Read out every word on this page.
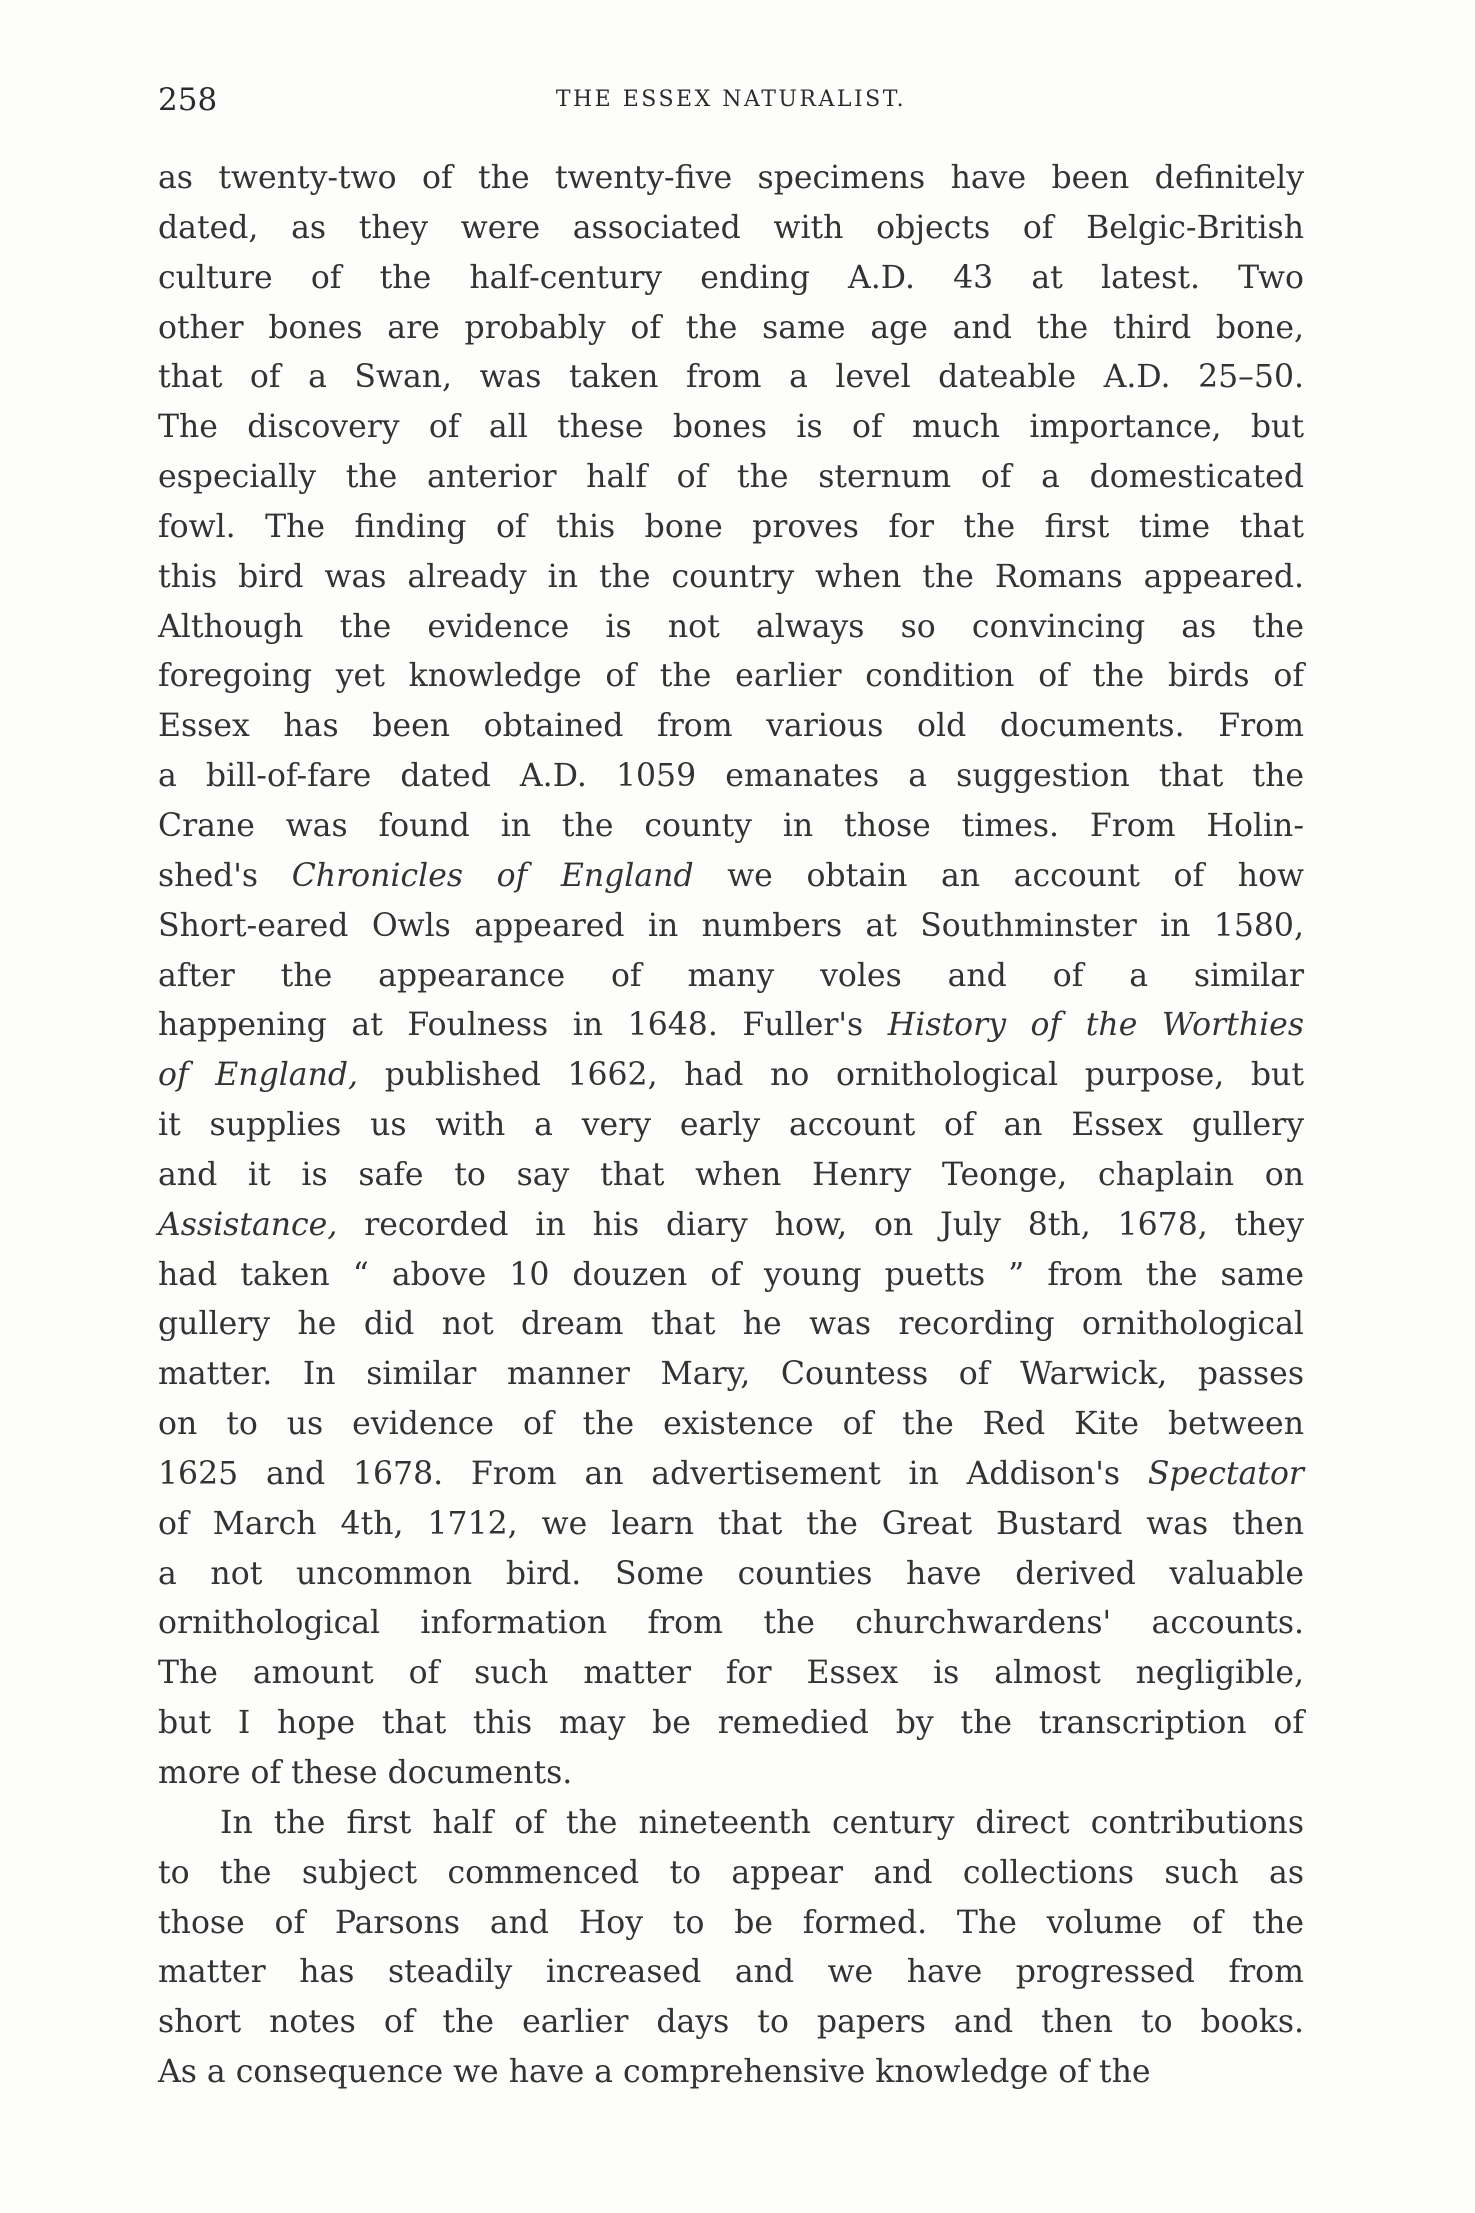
258	THE ESSEX NATURALIST.
as twenty-two of the twenty-five specimens have been definitely
dated, as they were associated with objects of Belgic-British
culture of the half-century ending A.D. 43 at latest. Two
other bones are probably of the same age and the third bone,
that of a Swan, was taken from a level dateable A.D. 25–50.
The discovery of all these bones is of much importance, but
especially the anterior half of the sternum of a domesticated
fowl. The finding of this bone proves for the first time that
this bird was already in the country when the Romans appeared.
Although the evidence is not always so convincing as the
foregoing yet knowledge of the earlier condition of the birds of
Essex has been obtained from various old documents. From
a bill-of-fare dated A.D. 1059 emanates a suggestion that the
Crane was found in the county in those times. From Holin-
shed's Chronicles of England we obtain an account of how
Short-eared Owls appeared in numbers at Southminster in 1580,
after the appearance of many voles and of a similar
happening at Foulness in 1648. Fuller's History of the Worthies
of England, published 1662, had no ornithological purpose, but
it supplies us with a very early account of an Essex gullery
and it is safe to say that when Henry Teonge, chaplain on
Assistance, recorded in his diary how, on July 8th, 1678, they
had taken “ above 10 douzen of young puetts ” from the same
gullery he did not dream that he was recording ornithological
matter. In similar manner Mary, Countess of Warwick, passes
on to us evidence of the existence of the Red Kite between
1625 and 1678. From an advertisement in Addison's Spectator
of March 4th, 1712, we learn that the Great Bustard was then
a not uncommon bird. Some counties have derived valuable
ornithological information from the churchwardens' accounts.
The amount of such matter for Essex is almost negligible,
but I hope that this may be remedied by the transcription of
more of these documents.
In the first half of the nineteenth century direct contributions
to the subject commenced to appear and collections such as
those of Parsons and Hoy to be formed. The volume of the
matter has steadily increased and we have progressed from
short notes of the earlier days to papers and then to books.
As a consequence we have a comprehensive knowledge of the
